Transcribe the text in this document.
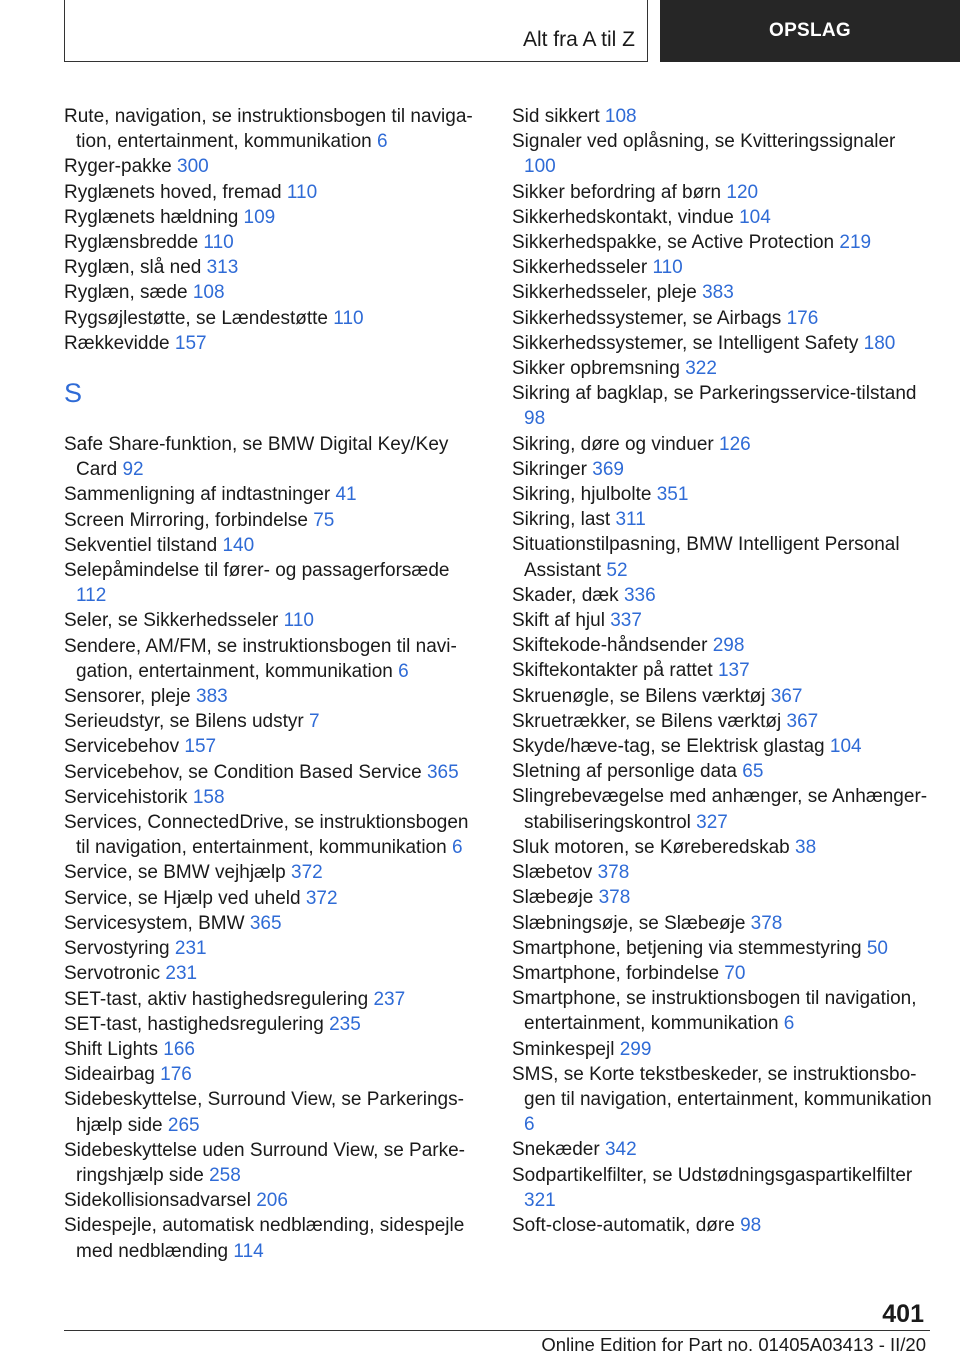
Alt fra A til Z	OPSLAG
Rute, navigation, se instruktionsbogen til navigation, entertainment, kommunikation 6
Ryger-pakke 300
Ryglænets hoved, fremad 110
Ryglænets hældning 109
Ryglænsbredde 110
Ryglæn, slå ned 313
Ryglæn, sæde 108
Rygsøjlestøtte, se Lændestøtte 110
Rækkevidde 157
S
Safe Share-funktion, se BMW Digital Key/Key Card 92
Sammenligning af indtastninger 41
Screen Mirroring, forbindelse 75
Sekventiel tilstand 140
Selepåmindelse til fører- og passagerforsæde 112
Seler, se Sikkerhedsseler 110
Sendere, AM/FM, se instruktionsbogen til navigation, entertainment, kommunikation 6
Sensorer, pleje 383
Serieudstyr, se Bilens udstyr 7
Servicebehov 157
Servicebehov, se Condition Based Service 365
Servicehistorik 158
Services, ConnectedDrive, se instruktionsbogen til navigation, entertainment, kommunikation 6
Service, se BMW vejhjælp 372
Service, se Hjælp ved uheld 372
Servicesystem, BMW 365
Servostyring 231
Servotronic 231
SET-tast, aktiv hastighedsregulering 237
SET-tast, hastighedsregulering 235
Shift Lights 166
Sideairbag 176
Sidebeskyttelse, Surround View, se Parkeringshjælp side 265
Sidebeskyttelse uden Surround View, se Parkeringshjælp side 258
Sidekollisionsadvarsel 206
Sidespejle, automatisk nedblænding, sidespejle med nedblænding 114
Sid sikkert 108
Signaler ved oplåsning, se Kvitteringssignaler 100
Sikker befordring af børn 120
Sikkerhedskontakt, vindue 104
Sikkerhedspakke, se Active Protection 219
Sikkerhedsseler 110
Sikkerhedsseler, pleje 383
Sikkerhedssystemer, se Airbags 176
Sikkerhedssystemer, se Intelligent Safety 180
Sikker opbremsning 322
Sikring af bagklap, se Parkeringsservice-tilstand 98
Sikring, døre og vinduer 126
Sikringer 369
Sikring, hjulbolte 351
Sikring, last 311
Situationstilpasning, BMW Intelligent Personal Assistant 52
Skader, dæk 336
Skift af hjul 337
Skiftekode-håndsender 298
Skiftekontakter på rattet 137
Skruenøgle, se Bilens værktøj 367
Skruetrækker, se Bilens værktøj 367
Skyde/hæve-tag, se Elektrisk glastag 104
Sletning af personlige data 65
Slingrebevægelse med anhænger, se Anhænger-stabiliseringskontrol 327
Sluk motoren, se Køreberedskab 38
Slæbetov 378
Slæbeøje 378
Slæbningsøje, se Slæbeøje 378
Smartphone, betjening via stemmestyring 50
Smartphone, forbindelse 70
Smartphone, se instruktionsbogen til navigation, entertainment, kommunikation 6
Sminkespejl 299
SMS, se Korte tekstbeskeder, se instruktionsbogen til navigation, entertainment, kommunikation 6
Snekæder 342
Sodpartikelfilter, se Udstødningsgaspartikelfilter 321
Soft-close-automatik, døre 98
401
Online Edition for Part no. 01405A03413 - II/20
